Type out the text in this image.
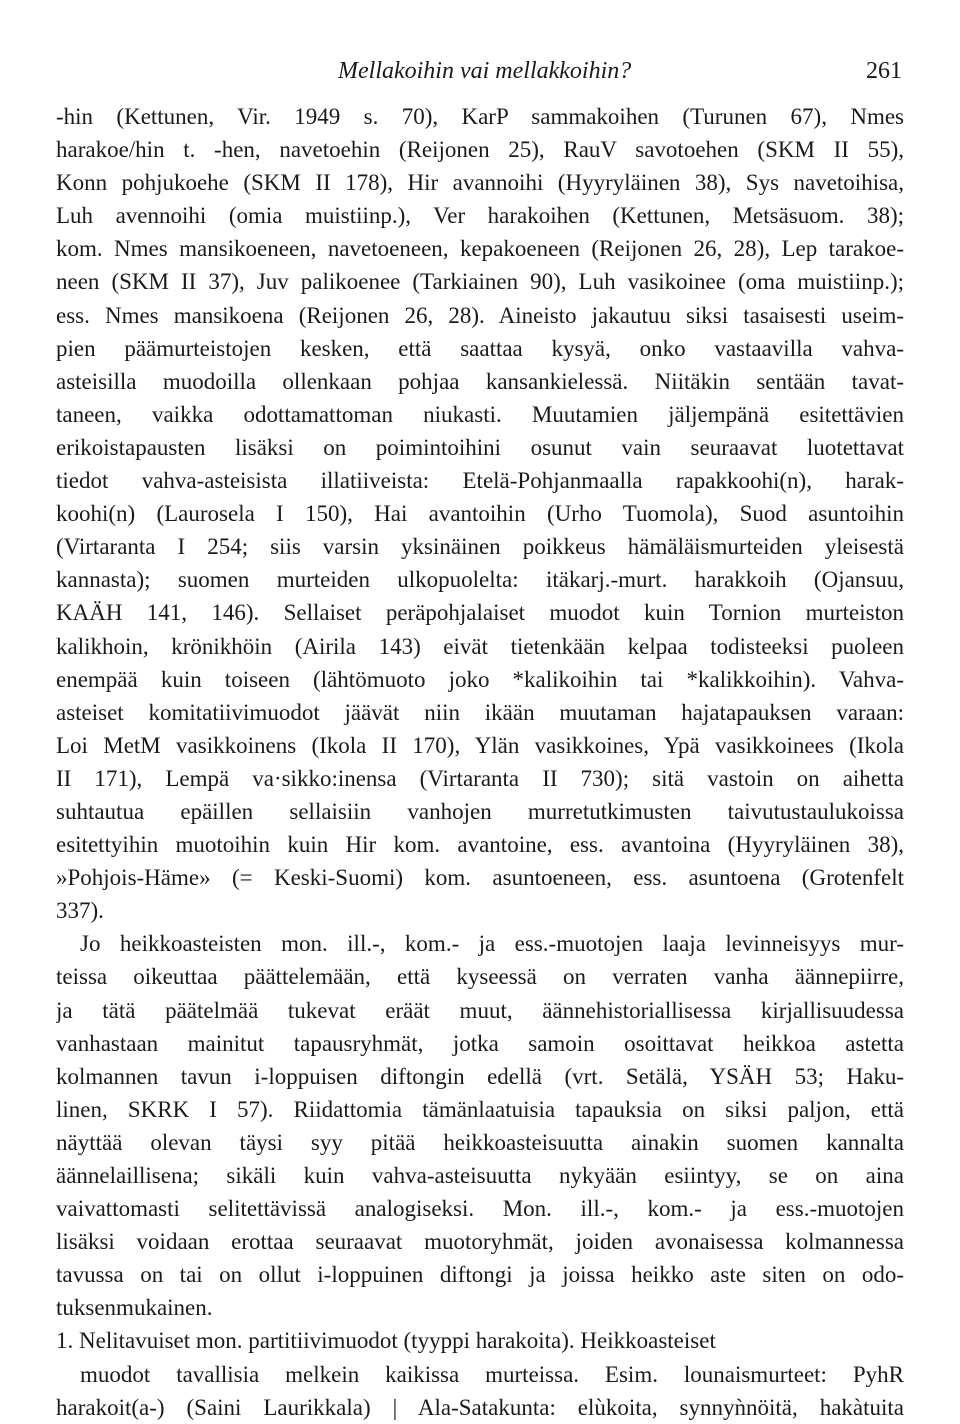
Mellakoihin vai mellakkoihin?	261
-hin (Kettunen, Vir. 1949 s. 70), KarP sammakoihen (Turunen 67), Nmes
harakoe/hin t. -hen, navetoehin (Reijonen 25), RauV savotoehen (SKM II 55),
Konn pohjukoehe (SKM II 178), Hir avannoihi (Hyyryläinen 38), Sys navetoihisa,
Luh avennoihi (omia muistiinp.), Ver harakoihen (Kettunen, Metsäsuom. 38);
kom. Nmes mansikoeneen, navetoeneen, kepakoeneen (Reijonen 26, 28), Lep tarakoe-
neen (SKM II 37), Juv palikoenee (Tarkiainen 90), Luh vasikoinee (oma muistiinp.);
ess. Nmes mansikoena (Reijonen 26, 28). Aineisto jakautuu siksi tasaisesti useim-
pien päämurteistojen kesken, että saattaa kysyä, onko vastaavilla vahva-
asteisilla muodoilla ollenkaan pohjaa kansankielessä. Niitäkin sentään tavat-
taneen, vaikka odottamattoman niukasti. Muutamien jäljempänä esitettävien
erikoistapausten lisäksi on poimintoihini osunut vain seuraavat luotettavat
tiedot vahva-asteisista illatiiveista: Etelä-Pohjanmaalla rapakkoohi(n), harak-
koohi(n) (Laurosela I 150), Hai avantoihin (Urho Tuomola), Suod asuntoihin
(Virtaranta I 254; siis varsin yksinäinen poikkeus hämäläismurteiden yleisestä
kannasta); suomen murteiden ulkopuolelta: itäkarj.-murt. harakkoih (Ojansuu,
KAÄH 141, 146). Sellaiset peräpohjalaiset muodot kuin Tornion murteiston
kalikhoin, krönikhöin (Airila 143) eivät tietenkään kelpaa todisteeksi puoleen
enempää kuin toiseen (lähtömuoto joko *kalikoihin tai *kalikkoihin). Vahva-
asteiset komitatiivimuodot jäävät niin ikään muutaman hajatapauksen varaan:
Loi MetM vasikkoinens (Ikola II 170), Ylän vasikkoines, Ypä vasikkoinees (Ikola
II 171), Lempä va·sikko:inensa (Virtaranta II 730); sitä vastoin on aihetta
suhtautua epäillen sellaisiin vanhojen murretutkimusten taivutustaulukoissa
esitettyihin muotoihin kuin Hir kom. avantoine, ess. avantoina (Hyyryläinen 38),
»Pohjois-Häme» (= Keski-Suomi) kom. asuntoeneen, ess. asuntoena (Grotenfelt
337).
Jo heikkoasteisten mon. ill.-, kom.- ja ess.-muotojen laaja levinneisyys mur-
teissa oikeuttaa päättelemään, että kyseessä on verraten vanha äännepiirre,
ja tätä päätelmää tukevat eräät muut, äännehistoriallisessa kirjallisuudessa
vanhastaan mainitut tapausryhmät, jotka samoin osoittavat heikkoa astetta
kolmannen tavun i-loppuisen diftongin edellä (vrt. Setälä, YSÄH 53; Haku-
linen, SKRK I 57). Riidattomia tämänlaatuisia tapauksia on siksi paljon, että
näyttää olevan täysi syy pitää heikkoasteisuutta ainakin suomen kannalta
äännelaillisena; sikäli kuin vahva-asteisuutta nykyään esiintyy, se on aina
vaivattomasti selitettävissä analogiseksi. Mon. ill.-, kom.- ja ess.-muotojen
lisäksi voidaan erottaa seuraavat muotoryhmät, joiden avonaisessa kolmannessa
tavussa on tai on ollut i-loppuinen diftongi ja joissa heikko aste siten on odo-
tuksenmukainen.
1. Nelitavuiset mon. partitiivimuodot (tyyppi harakoita). Heikkoasteiset
muodot tavallisia melkein kaikissa murteissa. Esim. lounaismurteet: PyhR
harakoit(a-) (Saini Laurikkala) | Ala-Satakunta: elùkoita, synnyǹnöitä, hakàtuita
